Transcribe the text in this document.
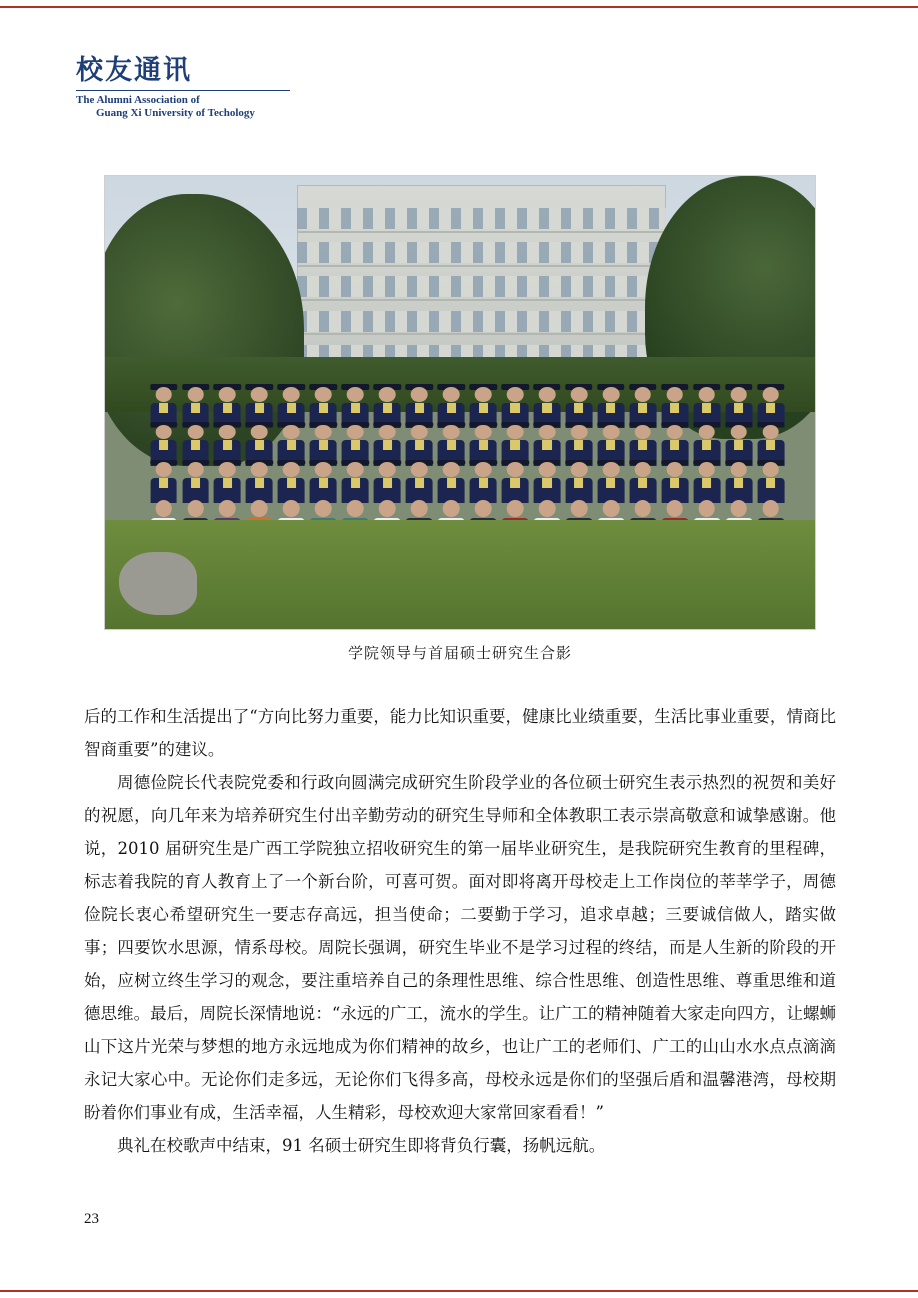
校友通讯
The Alumni Association of
Guang Xi University of Techology
学院领导与首届硕士研究生合影

后的工作和生活提出了“方向比努力重要，能力比知识重要，健康比业绩重要，生活比事业重要，情商比智商重要”的建议。

周德俭院长代表院党委和行政向圆满完成研究生阶段学业的各位硕士研究生表示热烈的祝贺和美好的祝愿，向几年来为培养研究生付出辛勤劳动的研究生导师和全体教职工表示崇高敬意和诚挚感谢。他说，2010 届研究生是广西工学院独立招收研究生的第一届毕业研究生，是我院研究生教育的里程碑，标志着我院的育人教育上了一个新台阶，可喜可贺。面对即将离开母校走上工作岗位的莘莘学子，周德俭院长衷心希望研究生一要志存高远，担当使命；二要勤于学习，追求卓越；三要诚信做人，踏实做事；四要饮水思源，情系母校。周院长强调，研究生毕业不是学习过程的终结，而是人生新的阶段的开始，应树立终生学习的观念，要注重培养自己的条理性思维、综合性思维、创造性思维、尊重思维和道德思维。最后，周院长深情地说：“永远的广工，流水的学生。让广工的精神随着大家走向四方，让螺蛳山下这片光荣与梦想的地方永远地成为你们精神的故乡，也让广工的老师们、广工的山山水水点点滴滴永记大家心中。无论你们走多远，无论你们飞得多高，母校永远是你们的坚强后盾和温馨港湾，母校期盼着你们事业有成，生活幸福，人生精彩，母校欢迎大家常回家看看！”

典礼在校歌声中结束，91 名硕士研究生即将背负行囊，扬帆远航。

23
